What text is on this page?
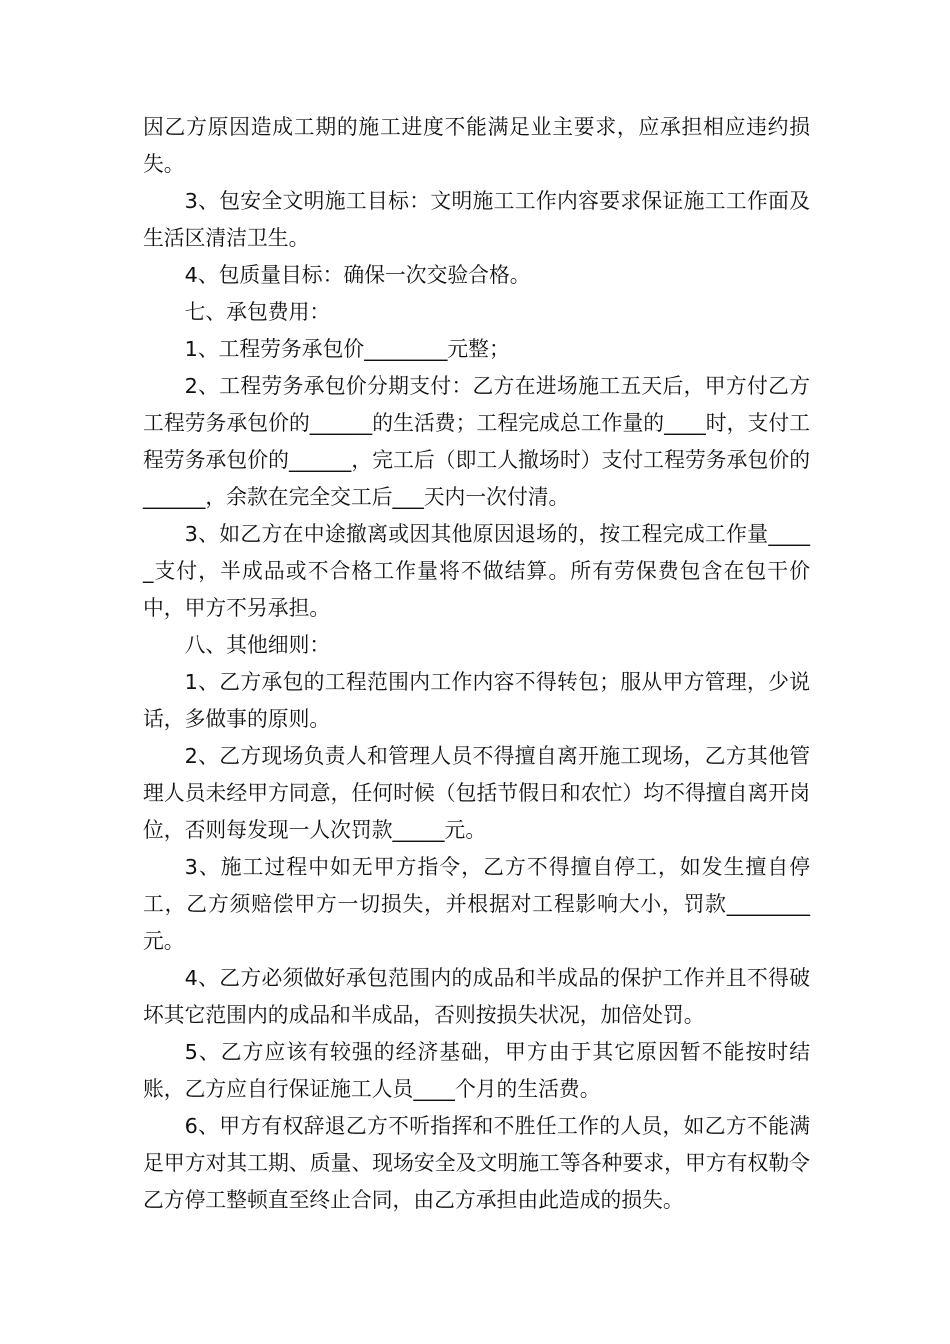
因乙方原因造成工期的施工进度不能满足业主要求，应承担相应违约损失。

3、包安全文明施工目标：文明施工工作内容要求保证施工工作面及生活区清洁卫生。

4、包质量目标：确保一次交验合格。

七、承包费用：

1、工程劳务承包价________元整；

2、工程劳务承包价分期支付：乙方在进场施工五天后，甲方付乙方工程劳务承包价的______的生活费；工程完成总工作量的____时，支付工程劳务承包价的______，完工后（即工人撤场时）支付工程劳务承包价的______，余款在完全交工后___天内一次付清。

3、如乙方在中途撤离或因其他原因退场的，按工程完成工作量_____支付，半成品或不合格工作量将不做结算。所有劳保费包含在包干价中，甲方不另承担。

八、其他细则：

1、乙方承包的工程范围内工作内容不得转包；服从甲方管理，少说话，多做事的原则。

2、乙方现场负责人和管理人员不得擅自离开施工现场，乙方其他管理人员未经甲方同意，任何时候（包括节假日和农忙）均不得擅自离开岗位，否则每发现一人次罚款_____元。

3、施工过程中如无甲方指令，乙方不得擅自停工，如发生擅自停工，乙方须赔偿甲方一切损失，并根据对工程影响大小，罚款________元。

4、乙方必须做好承包范围内的成品和半成品的保护工作并且不得破坏其它范围内的成品和半成品，否则按损失状况，加倍处罚。

5、乙方应该有较强的经济基础，甲方由于其它原因暂不能按时结账，乙方应自行保证施工人员____个月的生活费。

6、甲方有权辞退乙方不听指挥和不胜任工作的人员，如乙方不能满足甲方对其工期、质量、现场安全及文明施工等各种要求，甲方有权勒令乙方停工整顿直至终止合同，由乙方承担由此造成的损失。
